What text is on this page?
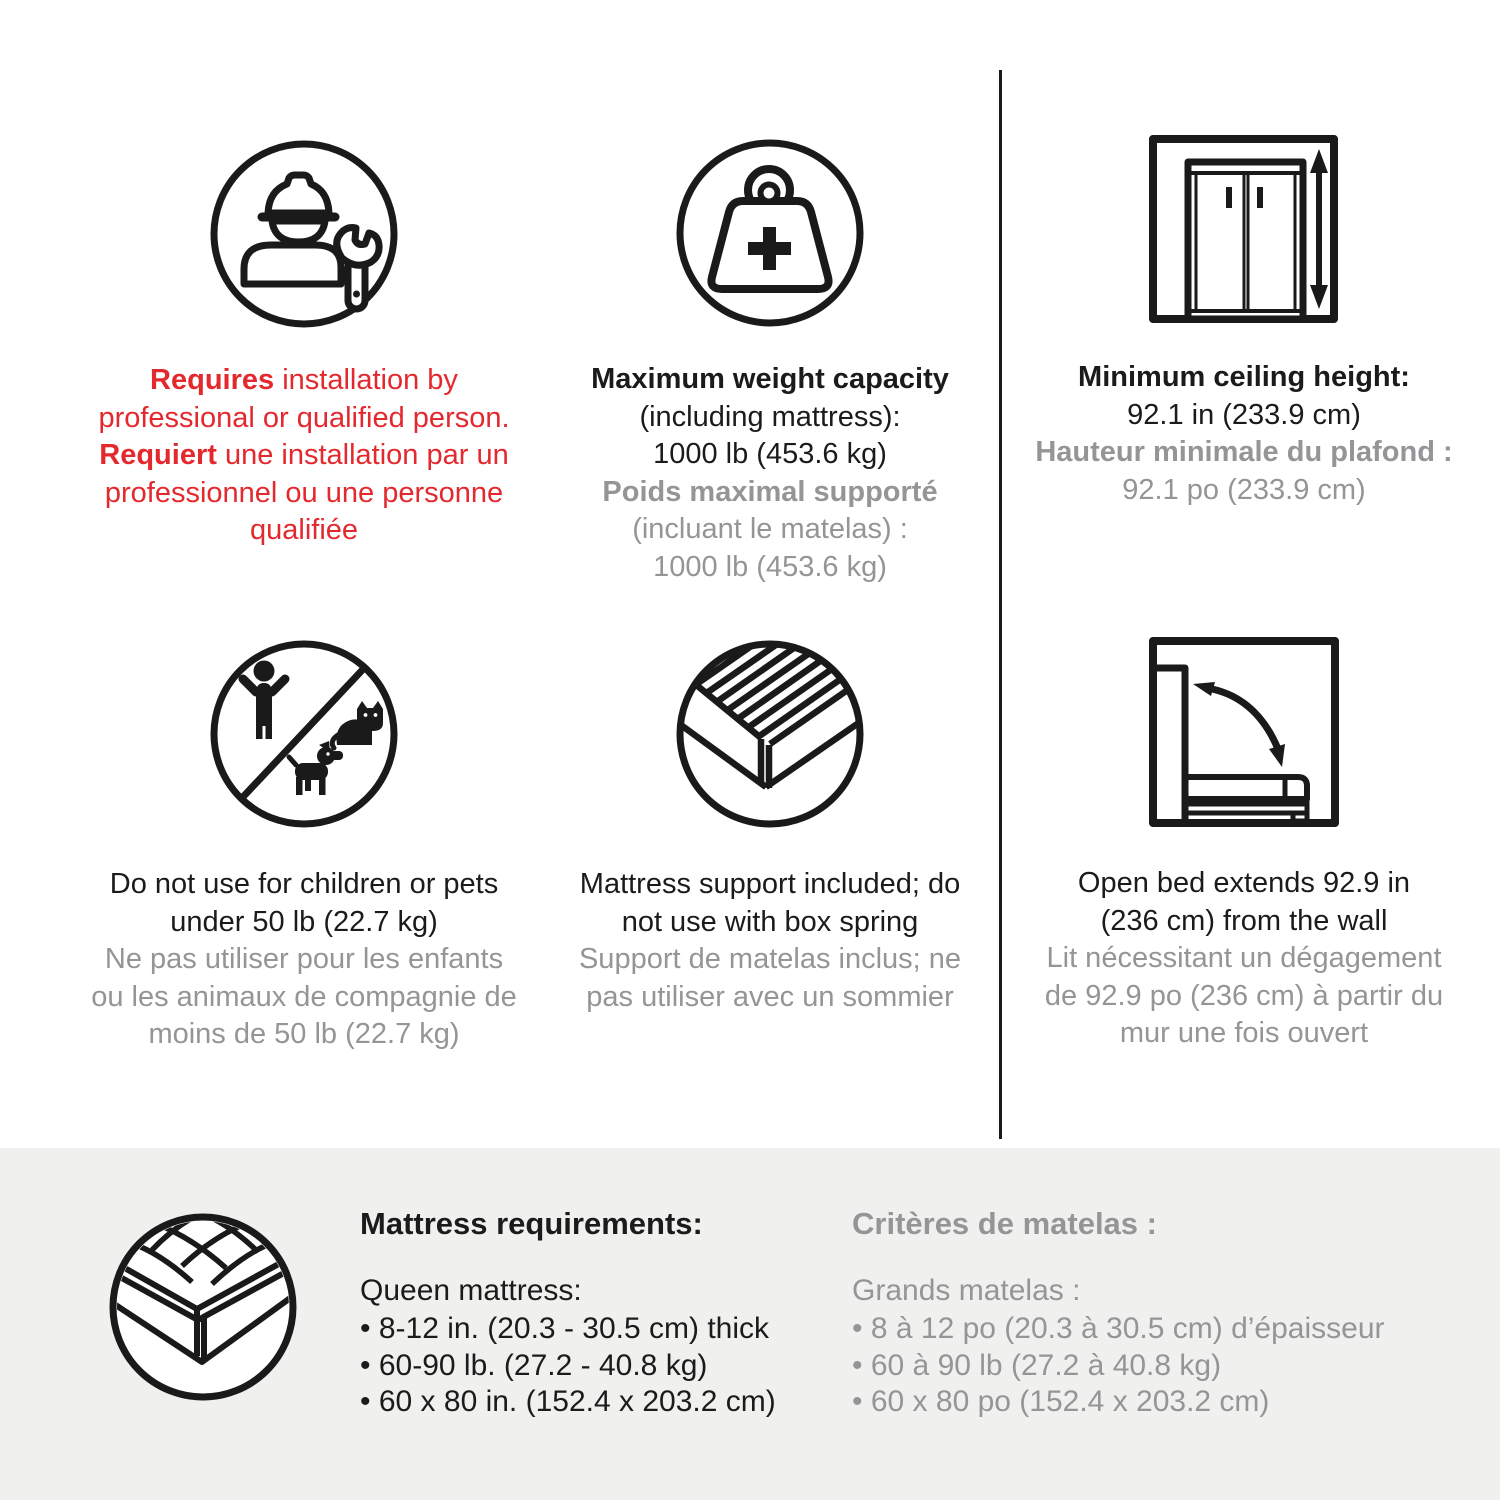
Requires installation by
professional or qualified person.
Requiert une installation par un
professionnel ou une personne
qualifiée

Maximum weight capacity
(including mattress):
1000 lb (453.6 kg)
Poids maximal supporté
(incluant le matelas) :
1000 lb (453.6 kg)

Minimum ceiling height:
92.1 in (233.9 cm)
Hauteur minimale du plafond :
92.1 po (233.9 cm)

Do not use for children or pets
under 50 lb (22.7 kg)
Ne pas utiliser pour les enfants
ou les animaux de compagnie de
moins de 50 lb (22.7 kg)

Mattress support included; do
not use with box spring
Support de matelas inclus; ne
pas utiliser avec un sommier

Open bed extends 92.9 in
(236 cm) from the wall
Lit nécessitant un dégagement
de 92.9 po (236 cm) à partir du
mur une fois ouvert

Mattress requirements:

Queen mattress:

• 8-12 in. (20.3 - 30.5 cm) thick
• 60-90 lb. (27.2 - 40.8 kg)
• 60 x 80 in. (152.4 x 203.2 cm)
Critères de matelas :

Grands matelas :

• 8 à 12 po (20.3 à 30.5 cm) d’épaisseur
• 60 à 90 lb (27.2 à 40.8 kg)
• 60 x 80 po (152.4 x 203.2 cm)
